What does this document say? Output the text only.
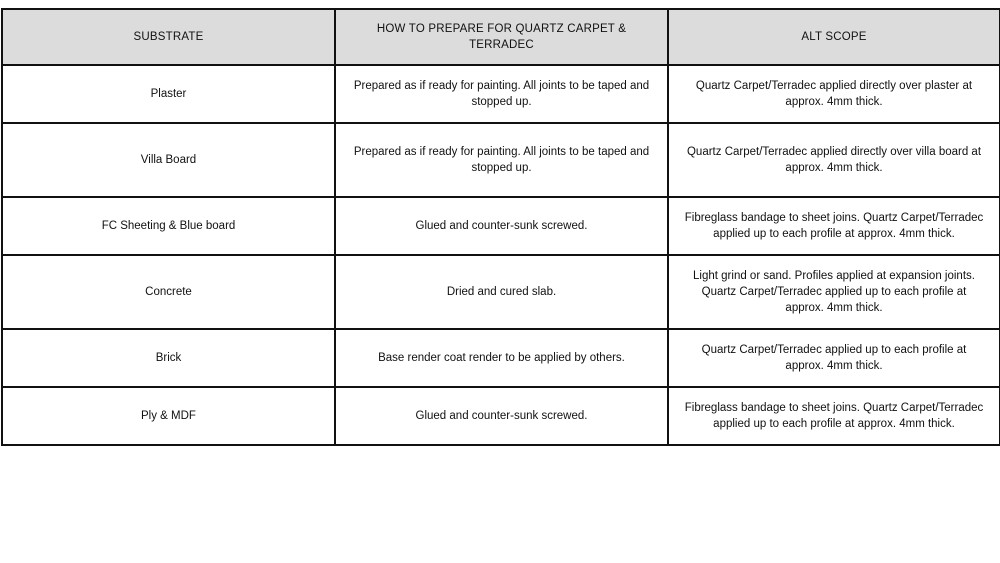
SUBSTRATE	HOW TO PREPARE FOR QUARTZ CARPET & TERRADEC	ALT SCOPE
Plaster	Prepared as if ready for painting. All joints to be taped and stopped up.	Quartz Carpet/Terradec applied directly over plaster at approx. 4mm thick.
Villa Board	Prepared as if ready for painting. All joints to be taped and stopped up.	Quartz Carpet/Terradec applied directly over villa board at approx. 4mm thick.
FC Sheeting & Blue board	Glued and counter-sunk screwed.	Fibreglass bandage to sheet joins. Quartz Carpet/Terradec applied up to each profile at approx. 4mm thick.
Concrete	Dried and cured slab.	Light grind or sand. Profiles applied at expansion joints. Quartz Carpet/Terradec applied up to each profile at approx. 4mm thick.
Brick	Base render coat render to be applied by others.	Quartz Carpet/Terradec applied up to each profile at approx. 4mm thick.
Ply & MDF	Glued and counter-sunk screwed.	Fibreglass bandage to sheet joins. Quartz Carpet/Terradec applied up to each profile at approx. 4mm thick.
